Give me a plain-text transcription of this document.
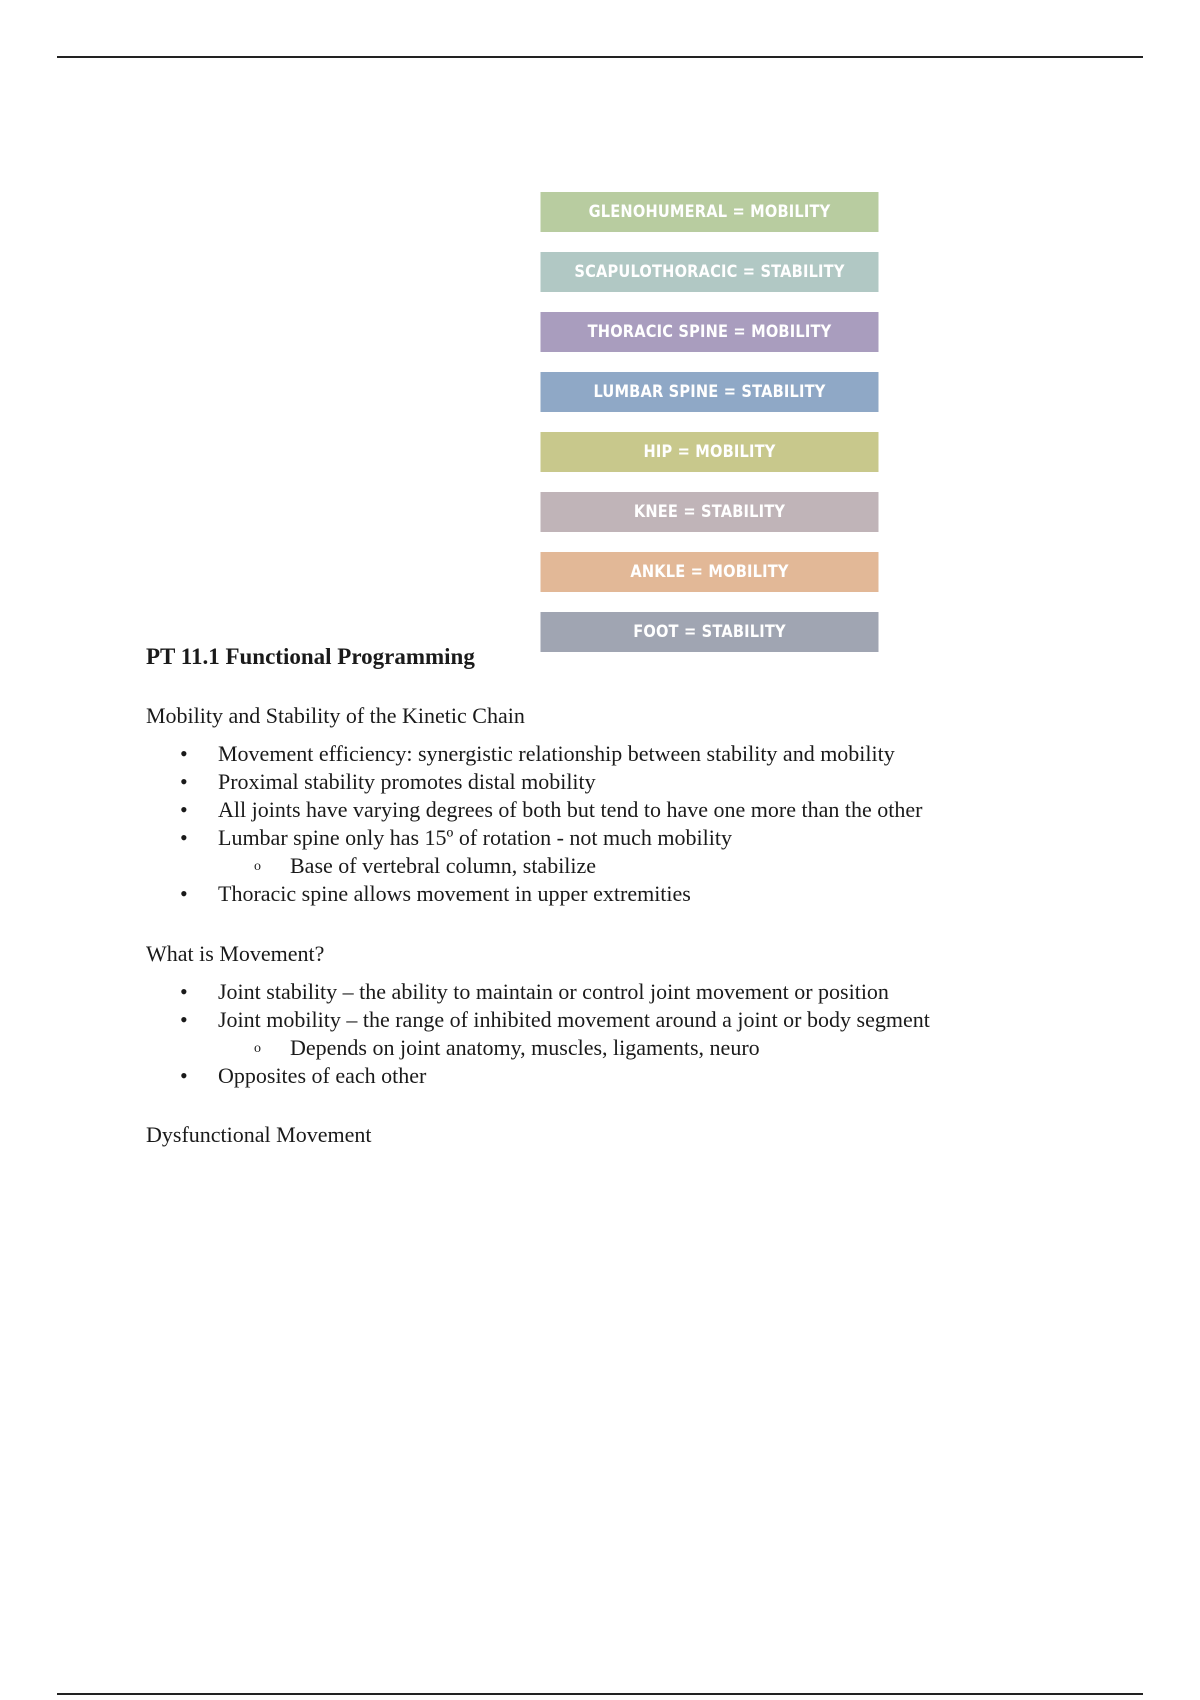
GLENOHUMERAL = MOBILITY
SCAPULOTHORACIC = STABILITY
THORACIC SPINE = MOBILITY
LUMBAR SPINE = STABILITY
HIP = MOBILITY
KNEE = STABILITY
ANKLE = MOBILITY
FOOT = STABILITY
PT 11.1 Functional Programming

Mobility and Stability of the Kinetic Chain

• Movement efficiency: synergistic relationship between stability and mobility
• Proximal stability promotes distal mobility
• All joints have varying degrees of both but tend to have one more than the other
• Lumbar spine only has 15º of rotation - not much mobility
o Base of vertebral column, stabilize
• Thoracic spine allows movement in upper extremities

What is Movement?

• Joint stability – the ability to maintain or control joint movement or position
• Joint mobility – the range of inhibited movement around a joint or body segment
o Depends on joint anatomy, muscles, ligaments, neuro
• Opposites of each other

Dysfunctional Movement
